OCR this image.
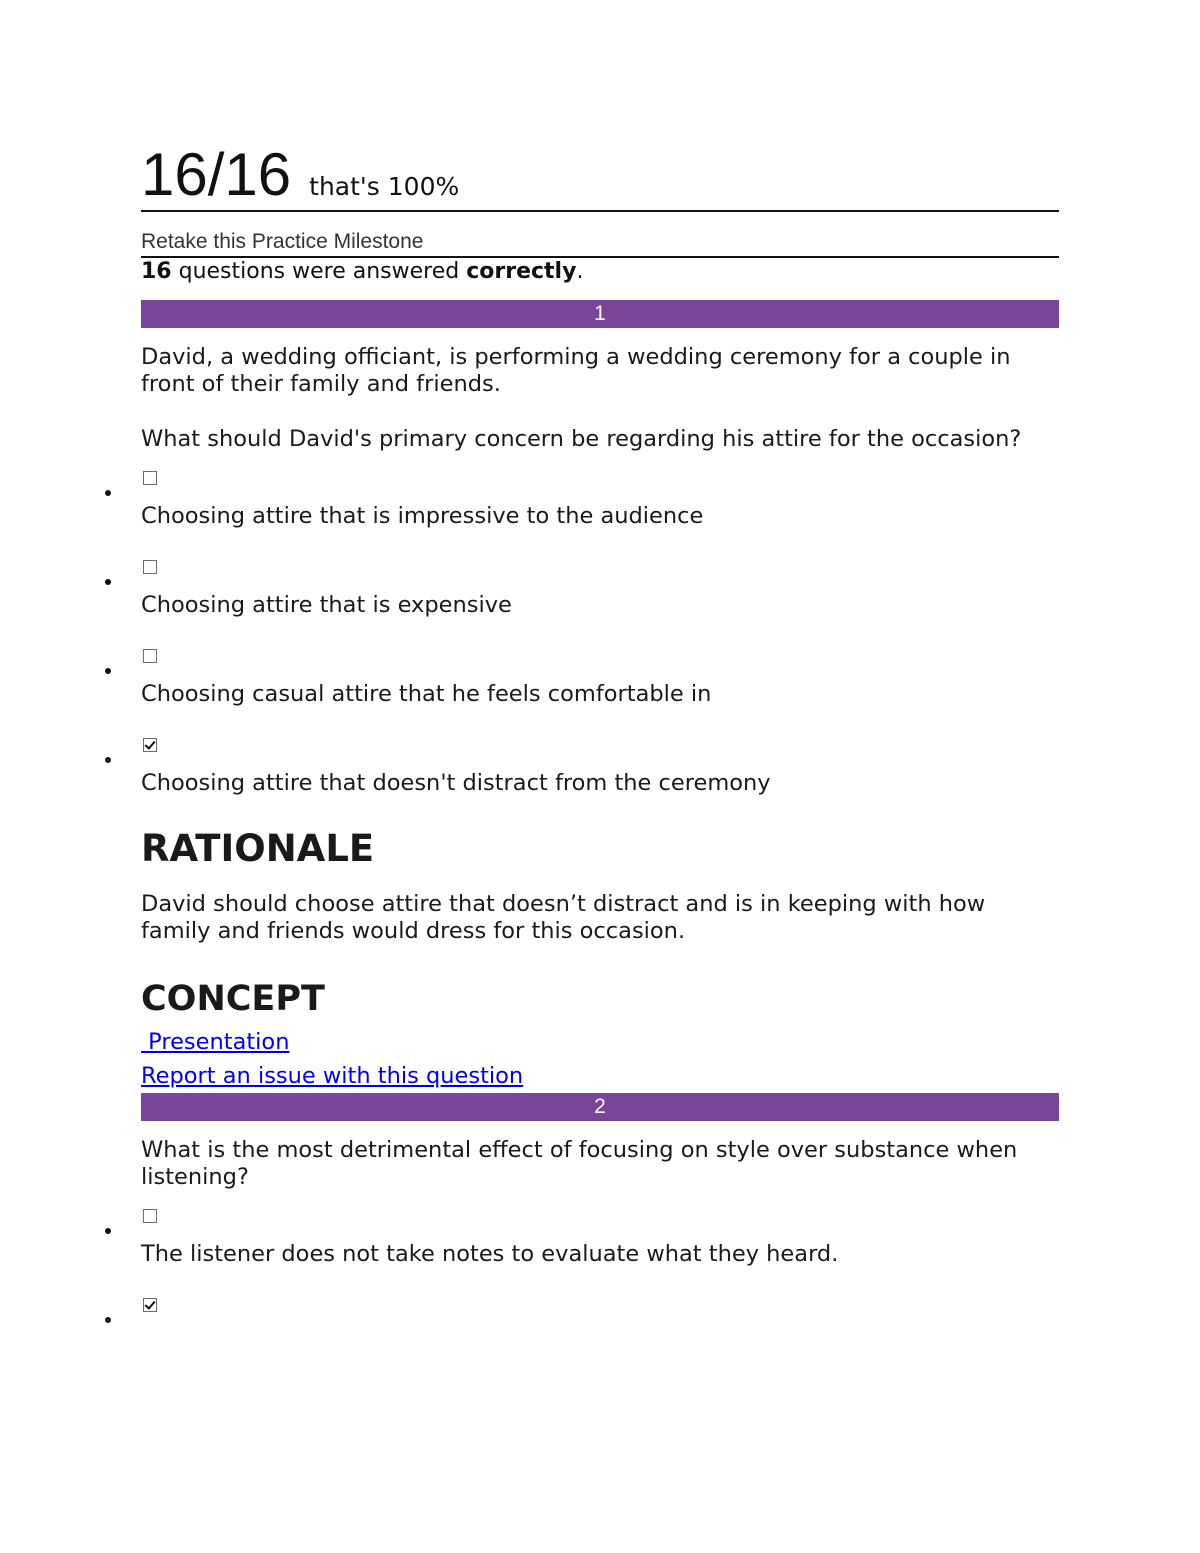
16/16 that's 100%
Retake this Practice Milestone
16 questions were answered correctly.
1

David, a wedding officiant, is performing a wedding ceremony for a couple in front of their family and friends.

What should David's primary concern be regarding his attire for the occasion?

Choosing attire that is impressive to the audience
Choosing attire that is expensive
Choosing casual attire that he feels comfortable in
Choosing attire that doesn't distract from the ceremony
RATIONALE
David should choose attire that doesn’t distract and is in keeping with how family and friends would dress for this occasion.
CONCEPT
Presentation
Report an issue with this question
2

What is the most detrimental effect of focusing on style over substance when listening?

The listener does not take notes to evaluate what they heard.
